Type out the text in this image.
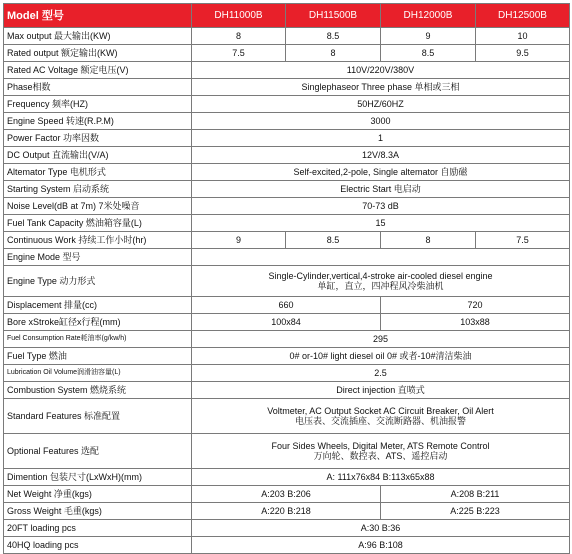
Model 型号	DH11000B	DH11500B	DH12000B	DH12500B
Max output 最大输出(KW)	8	8.5	9	10
Rated output 额定输出(KW)	7.5	8	8.5	9.5
Rated AC Voltage 额定电压(V)	110V/220V/380V			

Phase相数	Singlephaseor Three phase 单相或三相			

Frequency 频率(HZ)	50HZ/60HZ			

Engine Speed 转速(R.P.M)	3000			

Power Factor 功率因数	1			

DC Output 直流输出(V/A)	12V/8.3A			

Altemator Type 电机形式	Self-excited,2-pole, Single altemator 自励磁			

Starting System 启动系统	Electric Start 电启动			

Noise Level(dB at 7m) 7米处噪音	70-73 dB			

Fuel Tank Capacity 燃油箱容量(L)	15			

Continuous Work 持续工作小时(hr)	9	8.5	8	7.5
Engine Mode 型号				

Engine Type 动力形式	Single-Cylinder,vertical,4-stroke air-cooled diesel engine
单缸，直立，四冲程风冷柴油机			

Displacement 排量(cc)	660		720	
Bore xStroke缸径x行程(mm)	100x84		103x88	
Fuel Consumption Rate耗油率(g/kw/h)	295			

Fuel Type 燃油	0# or-10# light diesel oil 0# 或者-10#清洁柴油			

Lubrication Oil Volume润滑油容量(L)	2.5			

Combustion System 燃烧系统	Direct injection 直喷式			

Standard Features 标准配置	Voltmeter, AC Output Socket AC Circuit Breaker, Oil Alert
电压表、交流插座、交流断路器、机油报警			

Optional Features 选配	Four Sides Wheels, Digital Meter, ATS Remote Control
万向轮、数控表、ATS、遥控启动			

Dimention 包装尺寸(LxWxH)(mm)	A: 111x76x84 B:113x65x88			

Net Weight 净重(kgs)	A:203 B:206		A:208 B:211	
Gross Weight 毛重(kgs)	A:220 B:218		A:225 B:223	
20FT loading pcs	A:30 B:36			

40HQ loading pcs	A:96 B:108			
